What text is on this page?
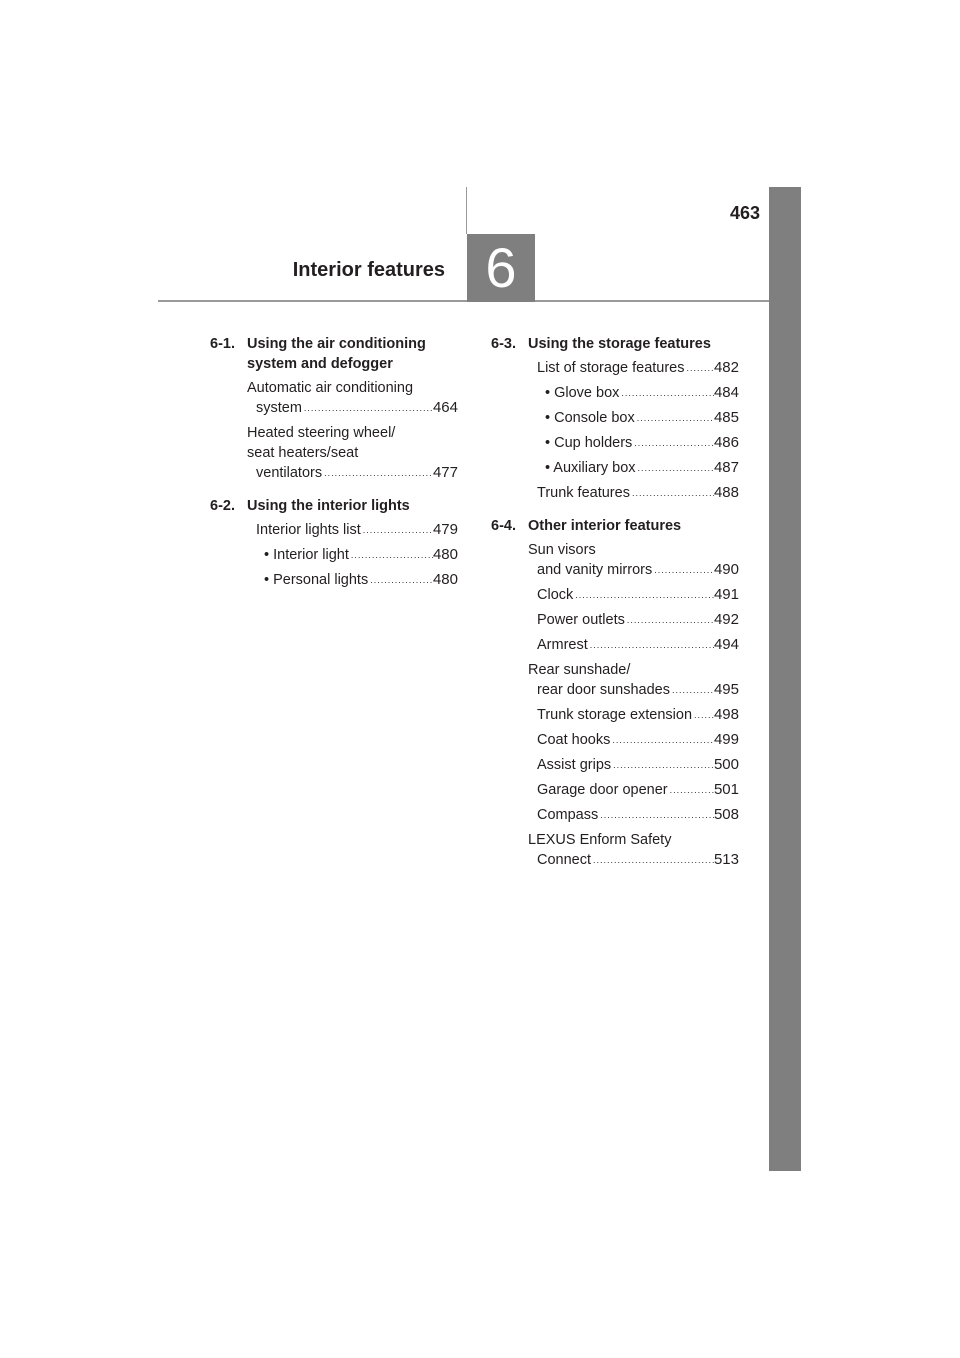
463
Interior features 6
6-1. Using the air conditioning
system and defogger
Automatic air conditioning
system .....	464
Heated steering wheel/
seat heaters/seat
ventilators .....	477
6-2. Using the interior lights
Interior lights list .....	479
• Interior light .....	480
• Personal lights .....	480
6-3. Using the storage features
List of storage features ..... 482
• Glove box .....	484
• Console box .....	485
• Cup holders .....	486
• Auxiliary box .....	487
Trunk features .....	488
6-4. Other interior features
Sun visors
and vanity mirrors .....	490
Clock .....	491
Power outlets .....	492
Armrest .....	494
Rear sunshade/
rear door sunshades .....	495
Trunk storage extension ..... 498
Coat hooks .....	499
Assist grips .....	500
Garage door opener .....	501
Compass .....	508
LEXUS Enform Safety
Connect .....	513
